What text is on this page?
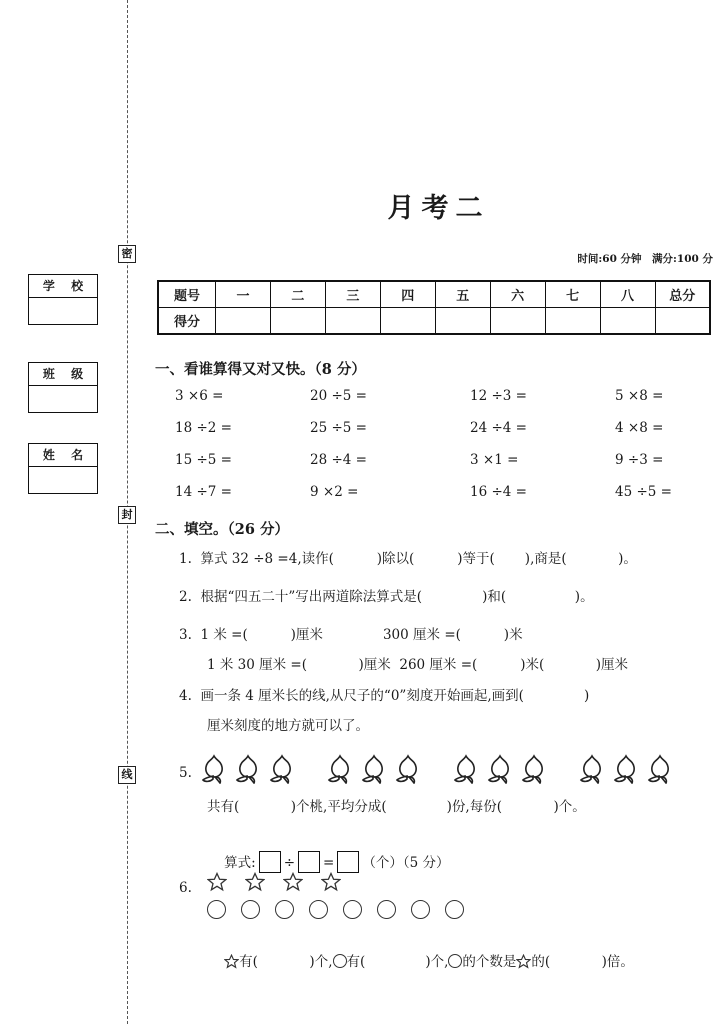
密
封
线
学 校
班 级
姓 名
月考二
时间:60 分钟　满分:100 分
题号	一	二	三	四	五	六	七	八	总分
得分									
一、看谁算得又对又快。（8 分）
3 ×6 =	20 ÷5 =	12 ÷3 =	5 ×8 =
18 ÷2 =	25 ÷5 =	24 ÷4 =	4 ×8 =
15 ÷5 =	28 ÷4 =	3 ×1 =	9 ÷3 =
14 ÷7 =	9 ×2 =	16 ÷4 =	45 ÷5 =
二、填空。（26 分）
1.  算式 32 ÷8 =4,读作(          )除以(          )等于(       ),商是(            )。
2.  根据“四五二十”写出两道除法算式是(              )和(                )。
3.  1 米 =(          )厘米              300 厘米 =(          )米
1 米 30 厘米 =(            )厘米  260 厘米 =(          )米(            )厘米
4.  画一条 4 厘米长的线,从尺子的“0”刻度开始画起,画到(              )
厘米刻度的地方就可以了。
5.
共有(            )个桃,平均分成(              )份,每份(            )个。

算式: ÷ = （个）（5 分）

6.

有(            )个, 有(              )个, 的个数是 的(            )倍。
